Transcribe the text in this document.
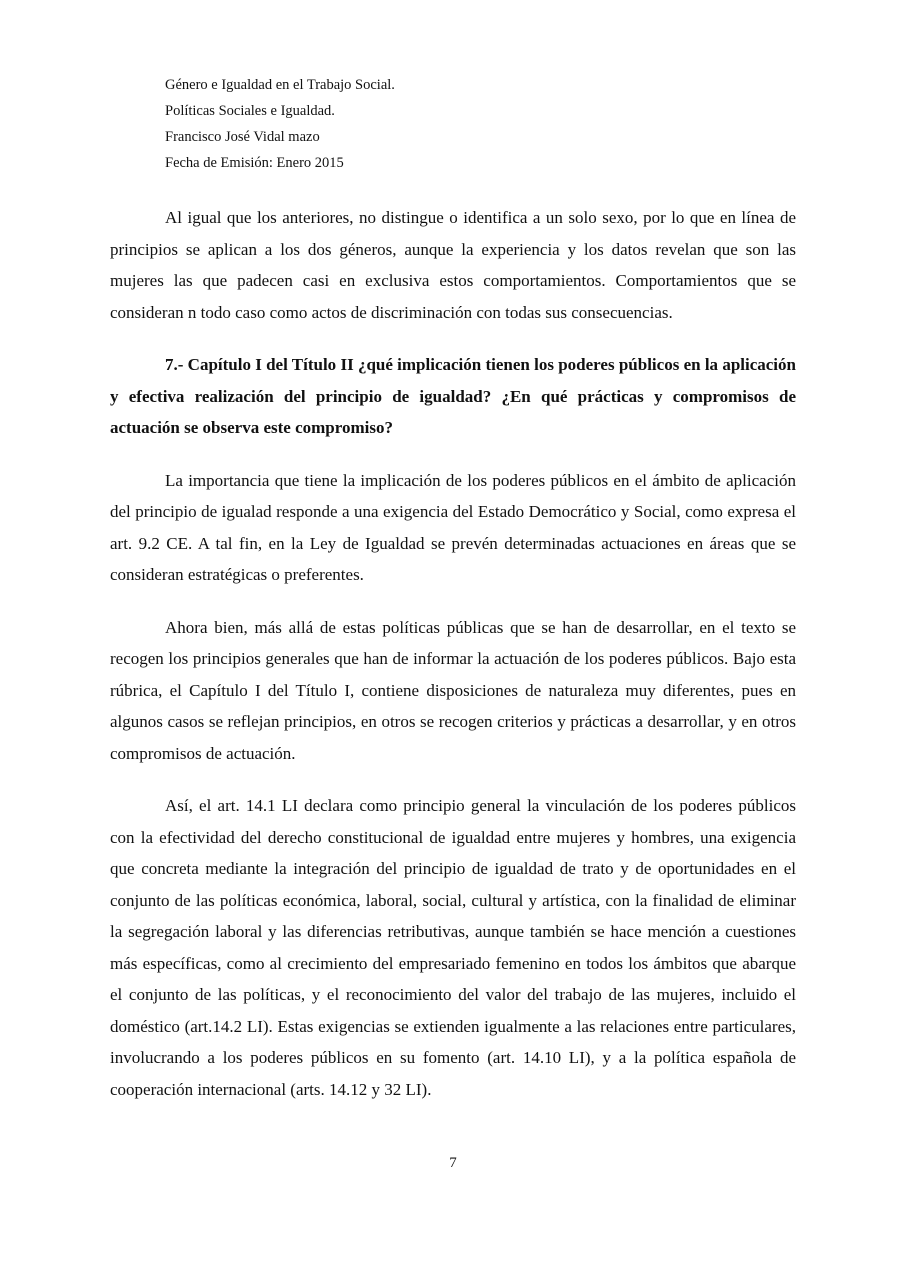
Género e Igualdad en el Trabajo Social.
Políticas Sociales e Igualdad.
Francisco José Vidal mazo
Fecha de Emisión: Enero 2015

Al igual que los anteriores, no distingue o identifica a un solo sexo, por lo que en línea de principios se aplican a los dos géneros, aunque la experiencia y los datos revelan que son las mujeres las que padecen casi en exclusiva estos comportamientos. Comportamientos que se consideran n todo caso como actos de discriminación con todas sus consecuencias.

7.- Capítulo I del Título II ¿qué implicación tienen los poderes públicos en la aplicación y efectiva realización del principio de igualdad? ¿En qué prácticas y compromisos de actuación se observa este compromiso?

La importancia que tiene la implicación de los poderes públicos en el ámbito de aplicación del principio de igualad responde a una exigencia del Estado Democrático y Social, como expresa el art. 9.2 CE. A tal fin, en la Ley de Igualdad se prevén determinadas actuaciones en áreas que se consideran estratégicas o preferentes.

Ahora bien, más allá de estas políticas públicas que se han de desarrollar, en el texto se recogen los principios generales que han de informar la actuación de los poderes públicos. Bajo esta rúbrica, el Capítulo I del Título I, contiene disposiciones de naturaleza muy diferentes, pues en algunos casos se reflejan principios, en otros se recogen criterios y prácticas a desarrollar, y en otros compromisos de actuación.

Así, el art. 14.1 LI declara como principio general la vinculación de los poderes públicos con la efectividad del derecho constitucional de igualdad entre mujeres y hombres, una exigencia que concreta mediante la integración del principio de igualdad de trato y de oportunidades en el conjunto de las políticas económica, laboral, social, cultural y artística, con la finalidad de eliminar la segregación laboral y las diferencias retributivas, aunque también se hace mención a cuestiones más específicas, como al crecimiento del empresariado femenino en todos los ámbitos que abarque el conjunto de las políticas, y el reconocimiento del valor del trabajo de las mujeres, incluido el doméstico (art.14.2 LI). Estas exigencias se extienden igualmente a las relaciones entre particulares, involucrando a los poderes públicos en su fomento (art. 14.10 LI), y a la política española de cooperación internacional (arts. 14.12 y 32 LI).

7
